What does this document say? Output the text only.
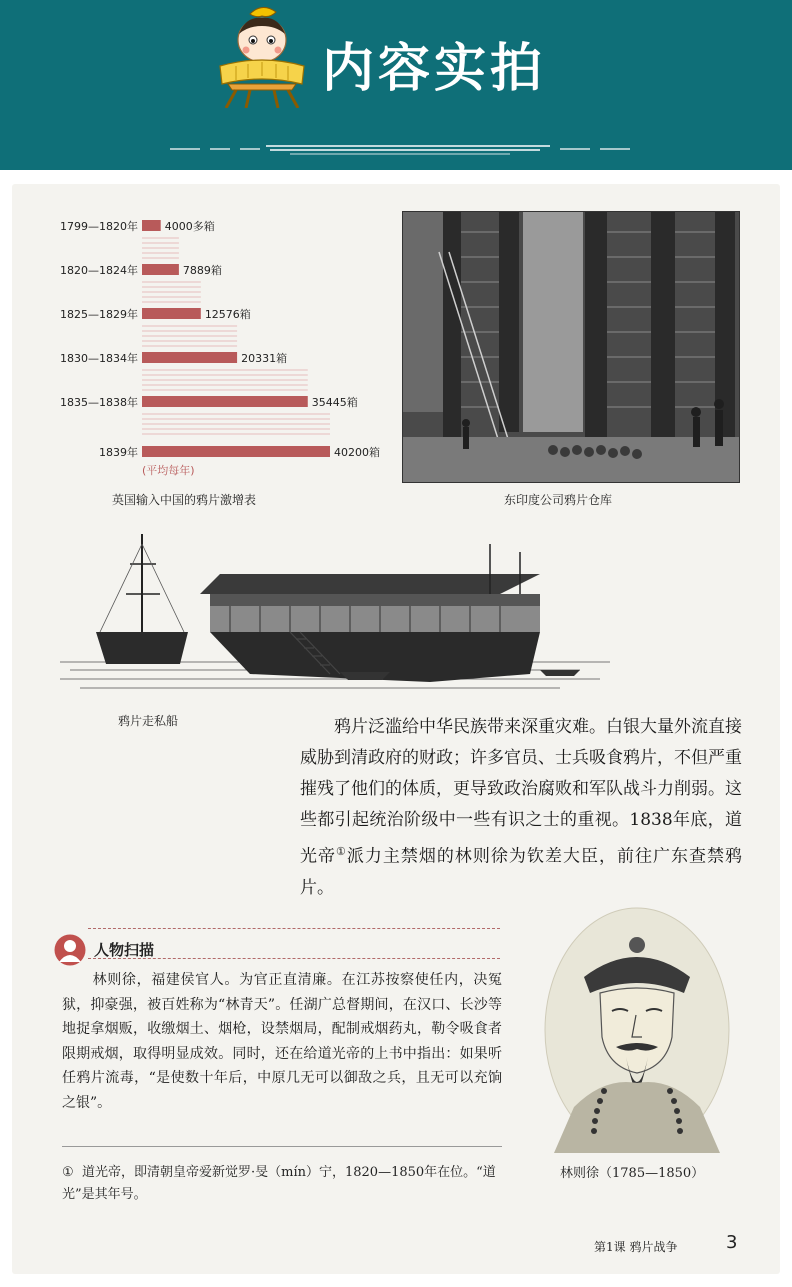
内容实拍
1799—1820年 4000多箱
1820—1824年	7889箱
1825—1829年	12576箱
1830—1834年	20331箱
1835—1838年	35445箱
1839年	40200箱
(平均每年)
英国输入中国的鸦片激增表	东印度公司鸦片仓库
鸦片走私船	鸦片泛滥给中华民族带来深重灾难。白银大量外流直接威胁到清政府的财政；许多官员、士兵吸食鸦片，不但严重摧残了他们的体质，更导致政治腐败和军队战斗力削弱。这些都引起统治阶级中一些有识之士的重视。1838年底，道光帝①派力主禁烟的林则徐为钦差大臣，前往广东查禁鸦片。
人物扫描
林则徐，福建侯官人。为官正直清廉。在江苏按察使任内，决冤狱，抑豪强，被百姓称为“林青天”。任湖广总督期间，在汉口、长沙等地捉拿烟贩，收缴烟土、烟枪，设禁烟局，配制戒烟药丸，勒令吸食者限期戒烟，取得明显成效。同时，还在给道光帝的上书中指出：如果听任鸦片流毒，“是使数十年后，中原几无可以御敌之兵，且无可以充饷之银”。
林则徐（1785—1850）
① 道光帝，即清朝皇帝爱新觉罗·旻（mín）宁，1820—1850年在位。“道光”是其年号。
第1课 鸦片战争	3
